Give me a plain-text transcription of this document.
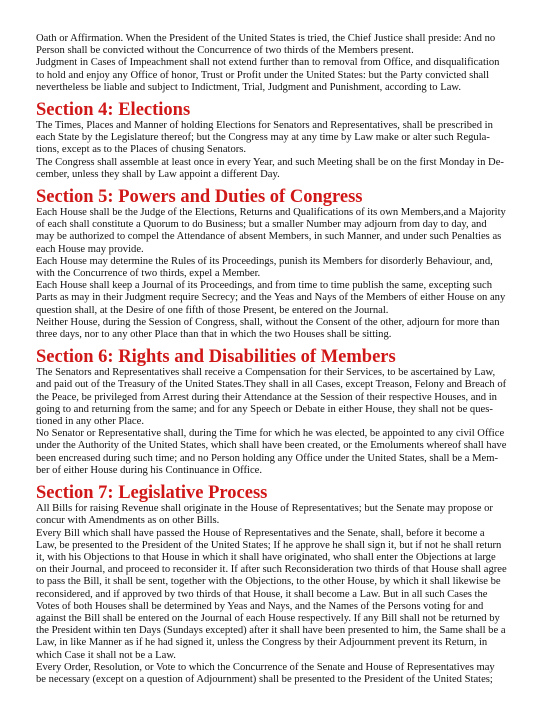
Oath or Affirmation. When the President of the United States is tried, the Chief Justice shall preside: And no
Person shall be convicted without the Concurrence of two thirds of the Members present.
Judgment in Cases of Impeachment shall not extend further than to removal from Office, and disqualification
to hold and enjoy any Office of honor, Trust or Profit under the United States: but the Party convicted shall
nevertheless be liable and subject to Indictment, Trial, Judgment and Punishment, according to Law.
Section 4: Elections
The Times, Places and Manner of holding Elections for Senators and Representatives, shall be prescribed in
each State by the Legislature thereof; but the Congress may at any time by Law make or alter such Regula-
tions, except as to the Places of chusing Senators.
The Congress shall assemble at least once in every Year, and such Meeting shall be on the first Monday in De-
cember, unless they shall by Law appoint a different Day.
Section 5: Powers and Duties of Congress
Each House shall be the Judge of the Elections, Returns and Qualifications of its own Members,and a Majority
of each shall constitute a Quorum to do Business; but a smaller Number may adjourn from day to day, and
may be authorized to compel the Attendance of absent Members, in such Manner, and under such Penalties as
each House may provide.
Each House may determine the Rules of its Proceedings, punish its Members for disorderly Behaviour, and,
with the Concurrence of two thirds, expel a Member.
Each House shall keep a Journal of its Proceedings, and from time to time publish the same, excepting such
Parts as may in their Judgment require Secrecy; and the Yeas and Nays of the Members of either House on any
question shall, at the Desire of one fifth of those Present, be entered on the Journal.
Neither House, during the Session of Congress, shall, without the Consent of the other, adjourn for more than
three days, nor to any other Place than that in which the two Houses shall be sitting.
Section 6: Rights and Disabilities of Members
The Senators and Representatives shall receive a Compensation for their Services, to be ascertained by Law,
and paid out of the Treasury of the United States.They shall in all Cases, except Treason, Felony and Breach of
the Peace, be privileged from Arrest during their Attendance at the Session of their respective Houses, and in
going to and returning from the same; and for any Speech or Debate in either House, they shall not be ques-
tioned in any other Place.
No Senator or Representative shall, during the Time for which he was elected, be appointed to any civil Office
under the Authority of the United States, which shall have been created, or the Emoluments whereof shall have
been encreased during such time; and no Person holding any Office under the United States, shall be a Mem-
ber of either House during his Continuance in Office.
Section 7: Legislative Process
All Bills for raising Revenue shall originate in the House of Representatives; but the Senate may propose or
concur with Amendments as on other Bills.
Every Bill which shall have passed the House of Representatives and the Senate, shall, before it become a
Law, be presented to the President of the United States; If he approve he shall sign it, but if not he shall return
it, with his Objections to that House in which it shall have originated, who shall enter the Objections at large
on their Journal, and proceed to reconsider it. If after such Reconsideration two thirds of that House shall agree
to pass the Bill, it shall be sent, together with the Objections, to the other House, by which it shall likewise be
reconsidered, and if approved by two thirds of that House, it shall become a Law. But in all such Cases the
Votes of both Houses shall be determined by Yeas and Nays, and the Names of the Persons voting for and
against the Bill shall be entered on the Journal of each House respectively. If any Bill shall not be returned by
the President within ten Days (Sundays excepted) after it shall have been presented to him, the Same shall be a
Law, in like Manner as if he had signed it, unless the Congress by their Adjournment prevent its Return, in
which Case it shall not be a Law.
Every Order, Resolution, or Vote to which the Concurrence of the Senate and House of Representatives may
be necessary (except on a question of Adjournment) shall be presented to the President of the United States;
